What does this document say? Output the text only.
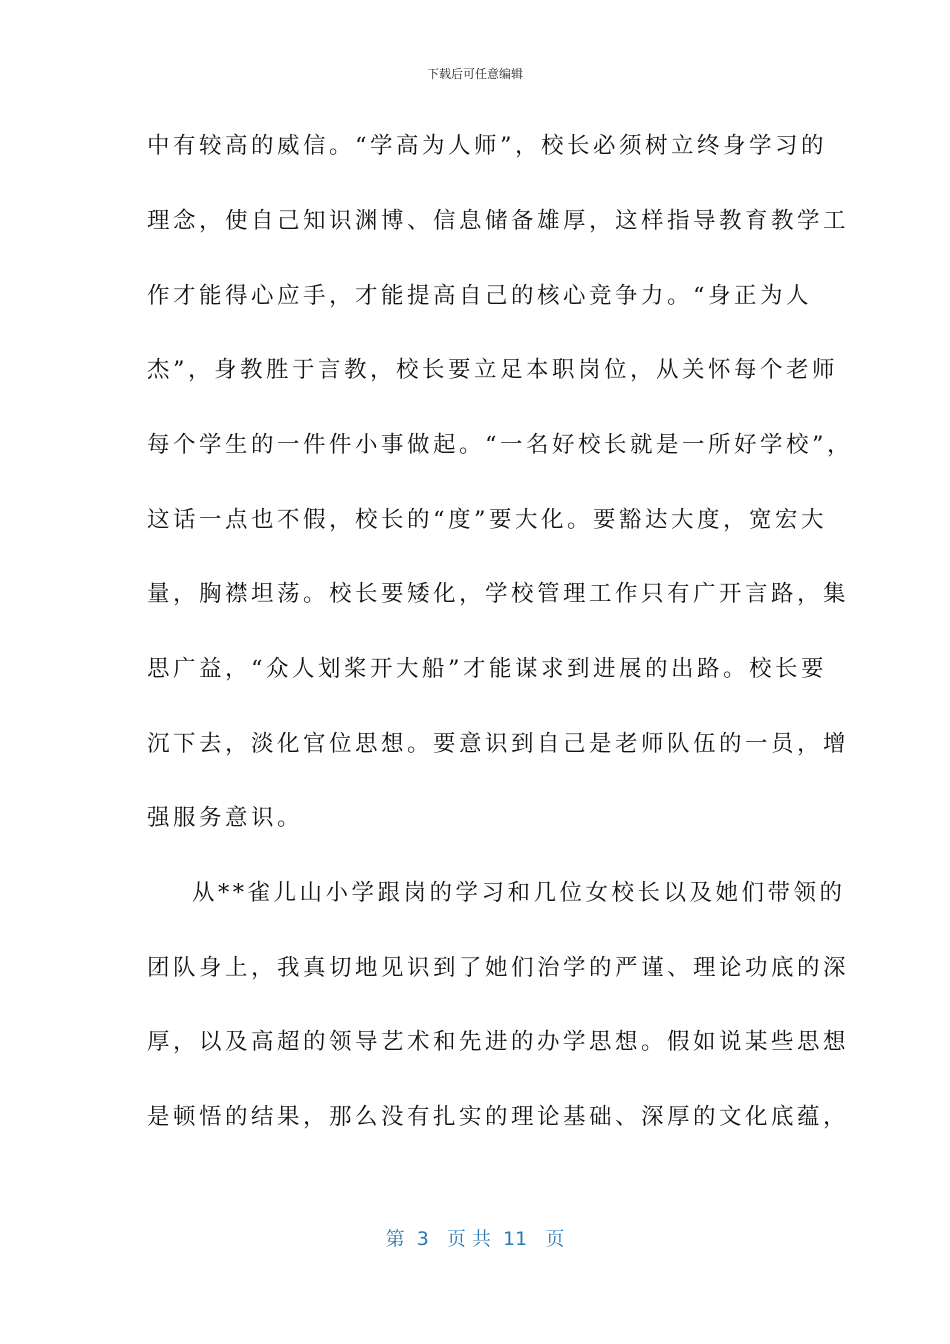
下载后可任意编辑
中有较高的威信。“学高为人师”，校长必须树立终身学习的
理念，使自己知识渊博、信息储备雄厚，这样指导教育教学工
作才能得心应手，才能提高自己的核心竞争力。“身正为人
杰”，身教胜于言教，校长要立足本职岗位，从关怀每个老师
每个学生的一件件小事做起。“一名好校长就是一所好学校”，
这话一点也不假，校长的“度”要大化。要豁达大度，宽宏大
量，胸襟坦荡。校长要矮化，学校管理工作只有广开言路，集
思广益，“众人划桨开大船”才能谋求到进展的出路。校长要
沉下去，淡化官位思想。要意识到自己是老师队伍的一员，增
强服务意识。
从**雀儿山小学跟岗的学习和几位女校长以及她们带领的
团队身上，我真切地见识到了她们治学的严谨、理论功底的深
厚，以及高超的领导艺术和先进的办学思想。假如说某些思想
是顿悟的结果，那么没有扎实的理论基础、深厚的文化底蕴，
第  3   页 共  11   页
